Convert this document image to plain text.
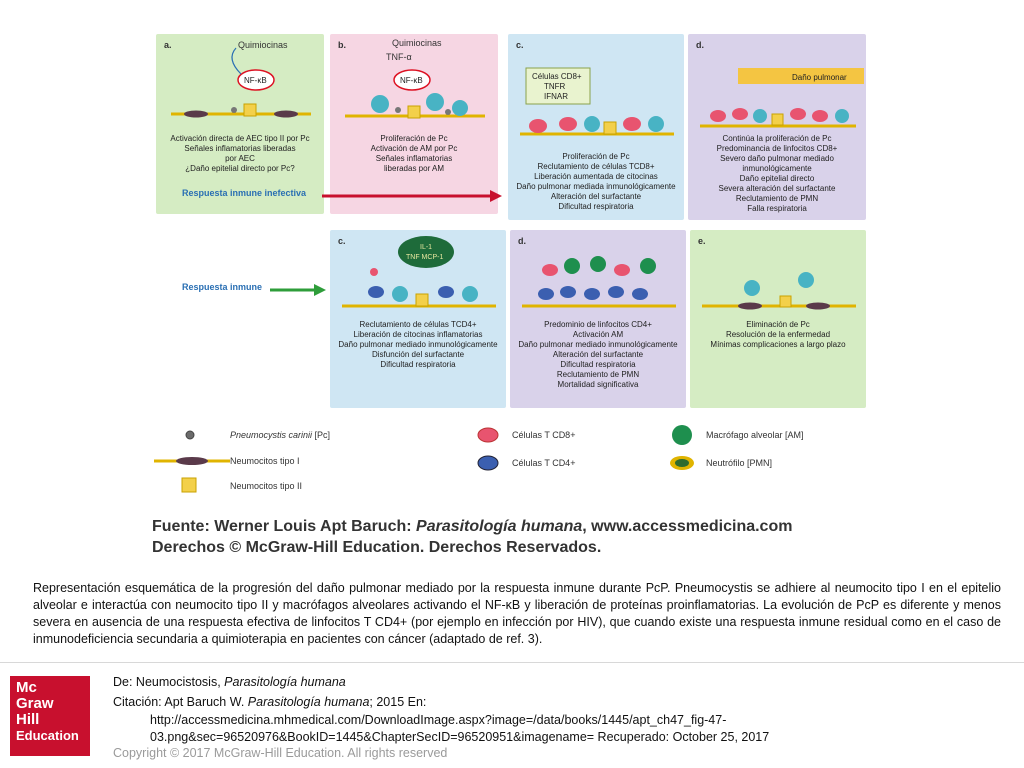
a.	Quimiocinas
NF-κB
Activación directa de AEC tipo II por Pc
Señales inflamatorias liberadas
por AEC
¿Daño epitelial directo por Pc?
b.	Quimiocinas
TNF-α
NF-κB
Proliferación de Pc
Activación de AM por Pc
Señales inflamatorias
liberadas por AM
c.
Células CD8+ TNFR IFNAR
Proliferación de Pc
Reclutamiento de células TCD8+
Liberación aumentada de citocinas
Daño pulmonar mediada inmunológicamente
Alteración del surfactante
Dificultad respiratoria
d.
Daño pulmonar
Continúa la proliferación de Pc
Predominancia de linfocitos CD8+
Severo daño pulmonar mediado
inmunológicamente
Daño epitelial directo
Severa alteración del surfactante
Reclutamiento de PMN
Falla respiratoria
Respuesta inmune inefectiva
Respuesta inmune
c.
IL-1 TNF MCP-1
Reclutamiento de células TCD4+
Liberación de citocinas inflamatorias
Daño pulmonar mediado inmunológicamente
Disfunción del surfactante
Dificultad respiratoria
d.
Predominio de linfocitos CD4+
Activación AM
Daño pulmonar mediado inmunológicamente
Alteración del surfactante
Dificultad respiratoria
Reclutamiento de PMN
Mortalidad significativa
e.
Eliminación de Pc
Resolución de la enfermedad
Mínimas complicaciones a largo plazo
Pneumocystis carinii [Pc]
Neumocitos tipo I
Neumocitos tipo II
Células T CD8+
Células T CD4+
Macrófago alveolar [AM]
Neutrófilo [PMN]
Fuente: Werner Louis Apt Baruch: Parasitología humana, www.accessmedicina.com
Derechos © McGraw-Hill Education. Derechos Reservados.

Representación esquemática de la progresión del daño pulmonar mediado por la respuesta inmune durante PcP. Pneumocystis se adhiere al neumocito tipo I en el epitelio alveolar e interactúa con neumocito tipo II y macrófagos alveolares activando el NF-κB y liberación de proteínas proinflamatorias. La evolución de PcP es diferente y menos severa en ausencia de una respuesta efectiva de linfocitos T CD4+ (por ejemplo en infección por HIV), que cuando existe una respuesta inmune residual como en el caso de inmunodeficiencia secundaria a quimioterapia en pacientes con cáncer (adaptado de ref. 3).

Mc
Graw
Hill
Education
De: Neumocistosis, Parasitología humana
Citación: Apt Baruch W. Parasitología humana; 2015 En:
http://accessmedicina.mhmedical.com/DownloadImage.aspx?image=/data/books/1445/apt_ch47_fig-47-
03.png&sec=96520976&BookID=1445&ChapterSecID=96520951&imagename= Recuperado: October 25, 2017
Copyright © 2017 McGraw-Hill Education. All rights reserved
